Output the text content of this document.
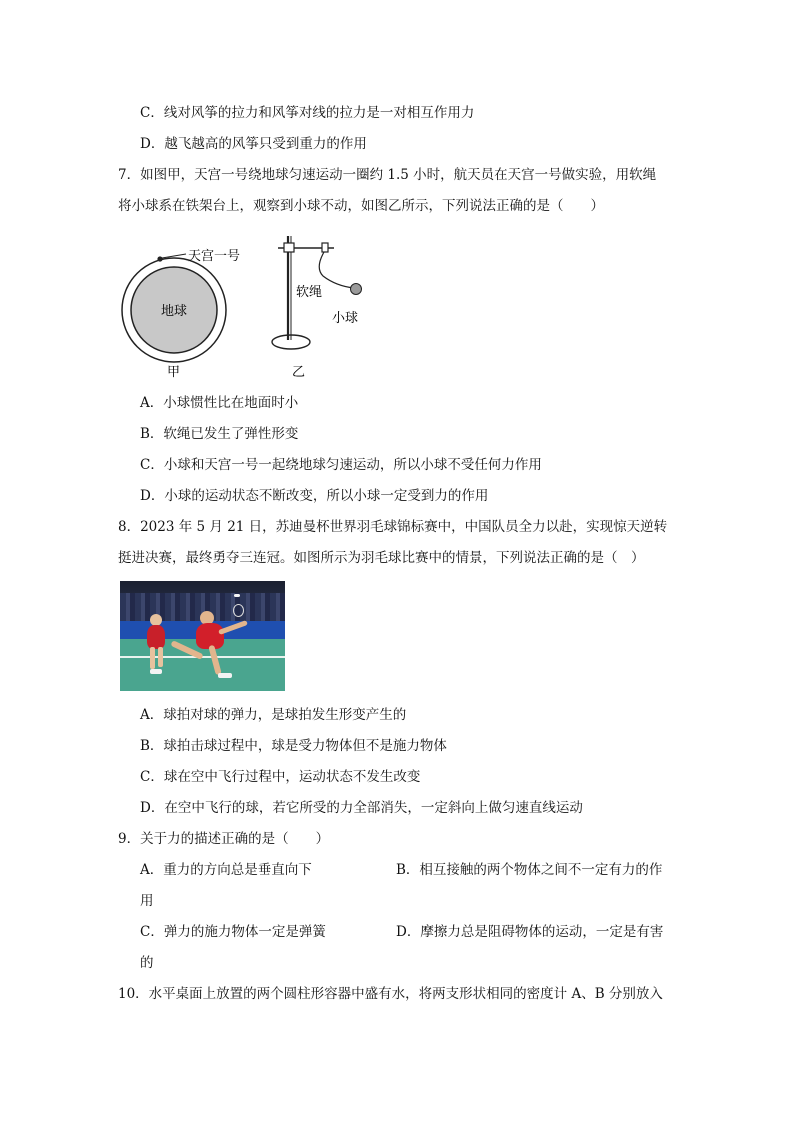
C．线对风筝的拉力和风筝对线的拉力是一对相互作用力
D．越飞越高的风筝只受到重力的作用
7．如图甲，天宫一号绕地球匀速运动一圈约 1.5 小时，航天员在天宫一号做实验，用软绳
将小球系在铁架台上，观察到小球不动，如图乙所示，下列说法正确的是（　　）
天宫一号
地球
甲
软绳
小球
乙
A．小球惯性比在地面时小
B．软绳已发生了弹性形变
C．小球和天宫一号一起绕地球匀速运动，所以小球不受任何力作用
D．小球的运动状态不断改变，所以小球一定受到力的作用
8．2023 年 5 月 21 日，苏迪曼杯世界羽毛球锦标赛中，中国队员全力以赴，实现惊天逆转
挺进决赛，最终勇夺三连冠。如图所示为羽毛球比赛中的情景，下列说法正确的是（　）
A．球拍对球的弹力，是球拍发生形变产生的
B．球拍击球过程中，球是受力物体但不是施力物体
C．球在空中飞行过程中，运动状态不发生改变
D．在空中飞行的球，若它所受的力全部消失，一定斜向上做匀速直线运动
9．关于力的描述正确的是（　　）
A．重力的方向总是垂直向下	B．相互接触的两个物体之间不一定有力的作
用
C．弹力的施力物体一定是弹簧	D．摩擦力总是阻碍物体的运动，一定是有害
的
10．水平桌面上放置的两个圆柱形容器中盛有水，将两支形状相同的密度计 A、B 分别放入
